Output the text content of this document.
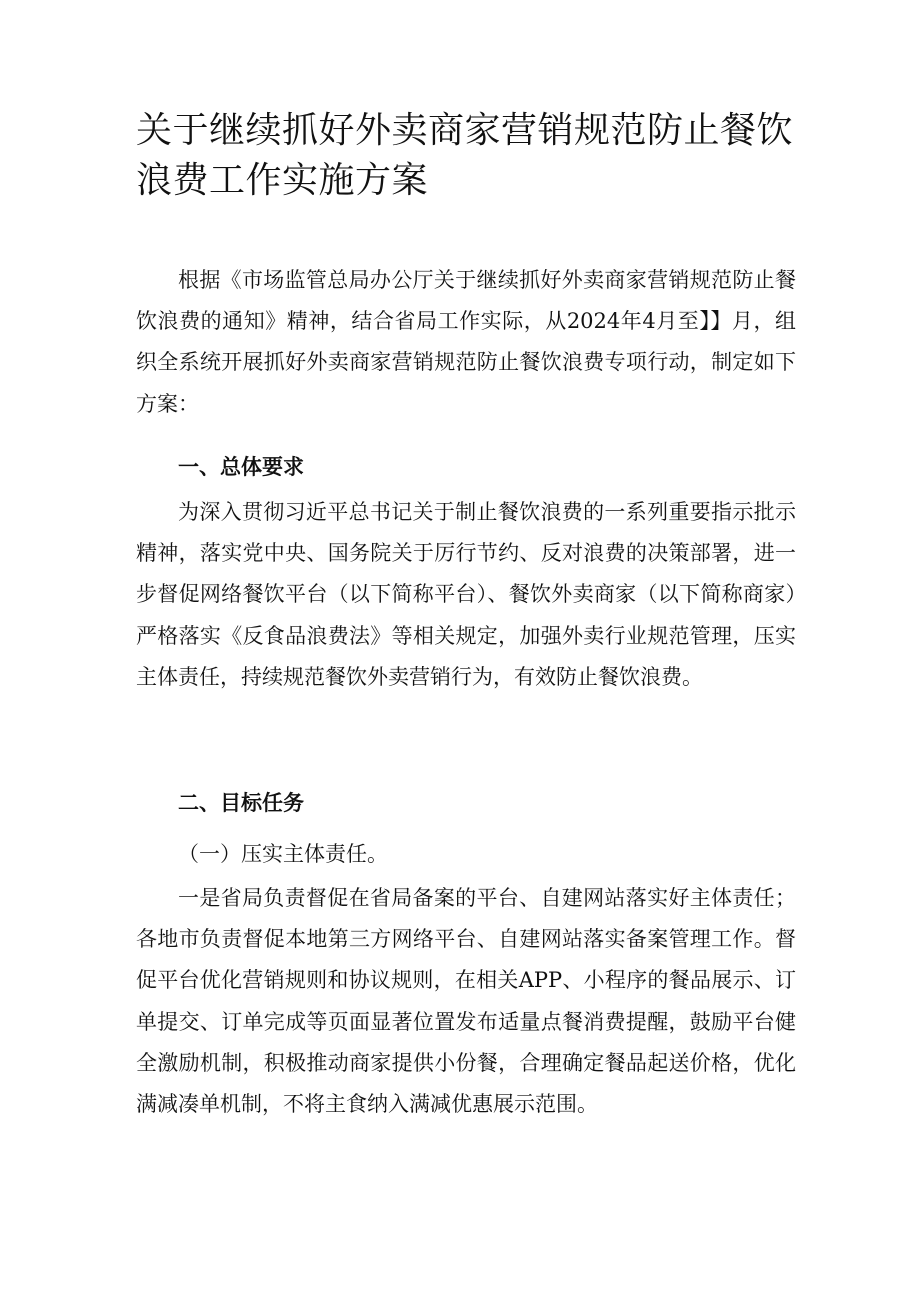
关于继续抓好外卖商家营销规范防止餐饮浪费工作实施方案

根据《市场监管总局办公厅关于继续抓好外卖商家营销规范防止餐饮浪费的通知》精神，结合省局工作实际，从2024年4月至】】月，组织全系统开展抓好外卖商家营销规范防止餐饮浪费专项行动，制定如下方案：

一、总体要求

为深入贯彻习近平总书记关于制止餐饮浪费的一系列重要指示批示精神，落实党中央、国务院关于厉行节约、反对浪费的决策部署，进一步督促网络餐饮平台（以下简称平台）、餐饮外卖商家（以下简称商家）严格落实《反食品浪费法》等相关规定，加强外卖行业规范管理，压实主体责任，持续规范餐饮外卖营销行为，有效防止餐饮浪费。

二、目标任务

（一）压实主体责任。

一是省局负责督促在省局备案的平台、自建网站落实好主体责任；各地市负责督促本地第三方网络平台、自建网站落实备案管理工作。督促平台优化营销规则和协议规则，在相关APP、小程序的餐品展示、订单提交、订单完成等页面显著位置发布适量点餐消费提醒，鼓励平台健全激励机制，积极推动商家提供小份餐，合理确定餐品起送价格，优化满减凑单机制，不将主食纳入满减优惠展示范围。
